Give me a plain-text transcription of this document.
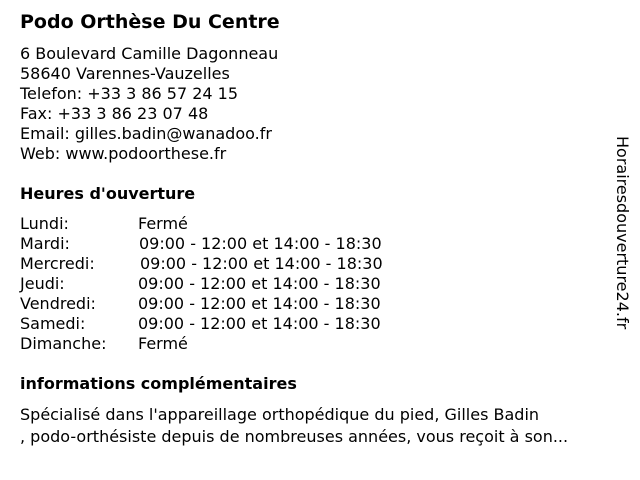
Podo Orthèse Du Centre
6 Boulevard Camille Dagonneau
58640 Varennes-Vauzelles
Telefon: +33 3 86 57 24 15
Fax: +33 3 86 23 07 48
Email: gilles.badin@wanadoo.fr
Web: www.podoorthese.fr
Heures d'ouverture
Lundi:	Fermé
Mardi:	09:00 - 12:00 et 14:00 - 18:30
Mercredi:	09:00 - 12:00 et 14:00 - 18:30
Jeudi:	09:00 - 12:00 et 14:00 - 18:30
Vendredi:	09:00 - 12:00 et 14:00 - 18:30
Samedi:	09:00 - 12:00 et 14:00 - 18:30
Dimanche: Fermé
informations complémentaires
Spécialisé dans l'appareillage orthopédique du pied, Gilles Badin
, podo-orthésiste depuis de nombreuses années, vous reçoit à son...
Horairesdouverture24.fr
